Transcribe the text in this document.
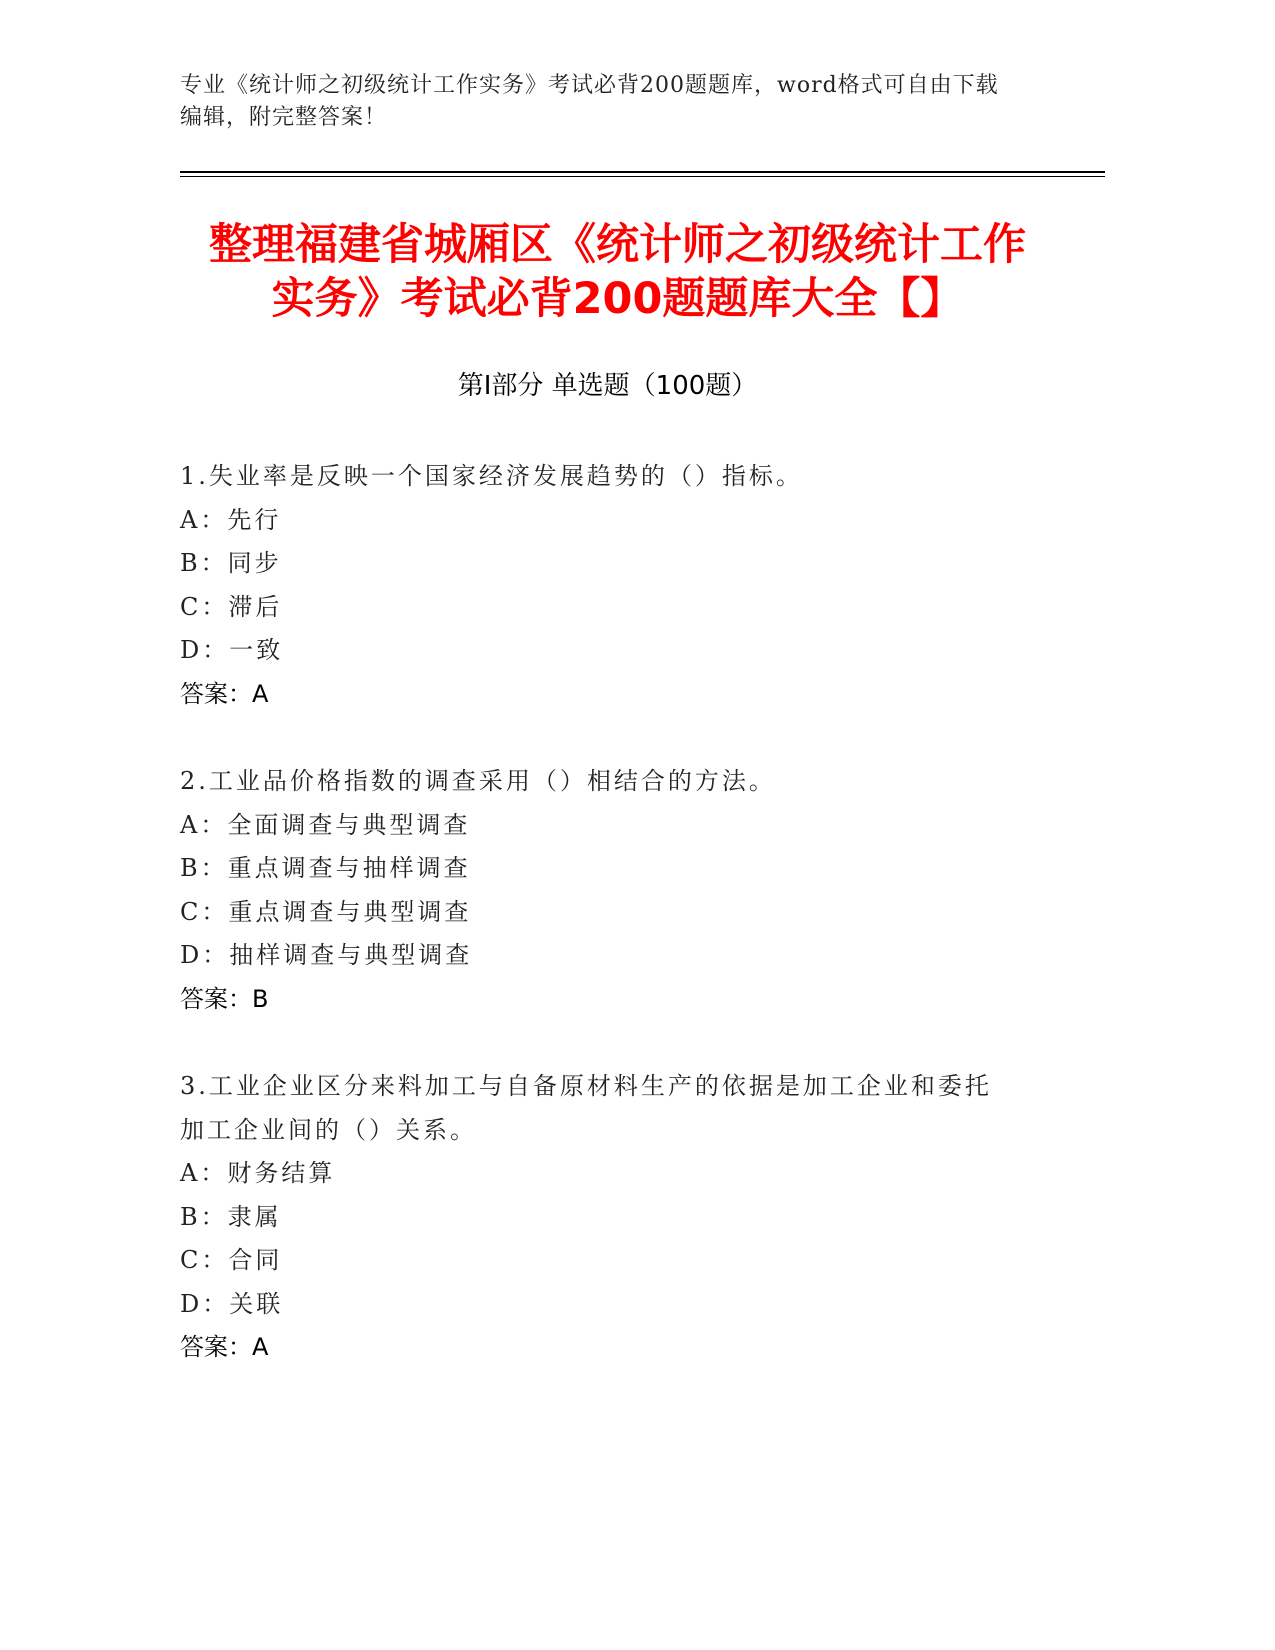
专业《统计师之初级统计工作实务》考试必背200题题库，word格式可自由下载
编辑，附完整答案！
整理福建省城厢区《统计师之初级统计工作
实务》考试必背200题题库大全【】
第Ⅰ部分 单选题（100题）
1.失业率是反映一个国家经济发展趋势的（）指标。
A：先行
B：同步
C：滞后
D：一致
答案：A
2.工业品价格指数的调查采用（）相结合的方法。
A：全面调查与典型调查
B：重点调查与抽样调查
C：重点调查与典型调查
D：抽样调查与典型调查
答案：B
3.工业企业区分来料加工与自备原材料生产的依据是加工企业和委托
加工企业间的（）关系。
A：财务结算
B：隶属
C：合同
D：关联
答案：A
